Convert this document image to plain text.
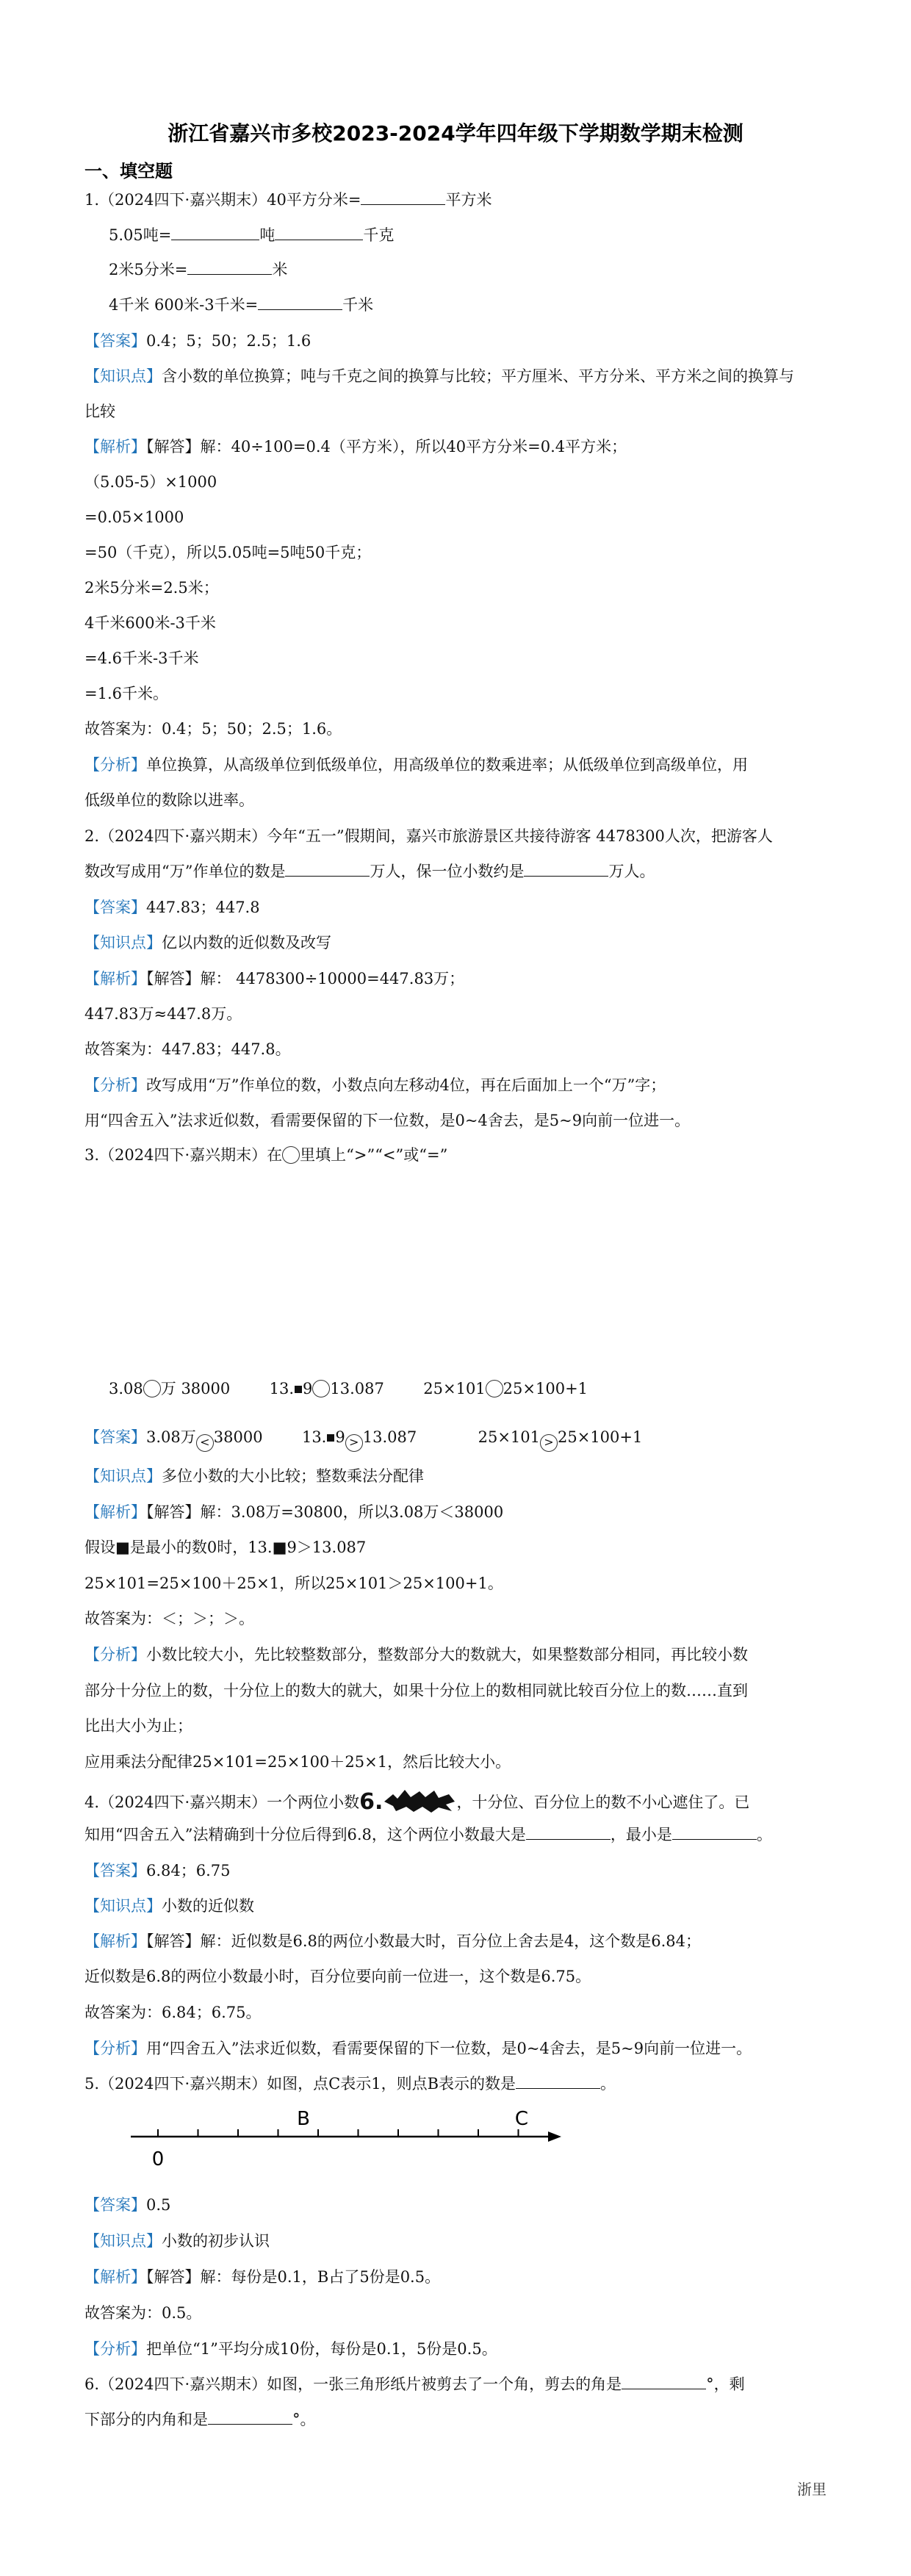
浙江省嘉兴市多校2023-2024学年四年级下学期数学期末检测
一、填空题
1.（2024四下·嘉兴期末）40平方分米=	平方米
5.05吨=	吨	千克
2米5分米=	米
4千米 600米-3千米=	千米
【答案】0.4；5；50；2.5；1.6
【知识点】含小数的单位换算；吨与千克之间的换算与比较；平方厘米、平方分米、平方米之间的换算与
比较
【解析】【解答】解：40÷100=0.4（平方米），所以40平方分米=0.4平方米；
（5.05-5）×1000
=0.05×1000
=50（千克），所以5.05吨=5吨50千克；
2米5分米=2.5米；
4千米600米-3千米
=4.6千米-3千米
=1.6千米。
故答案为：0.4；5；50；2.5；1.6。
【分析】单位换算，从高级单位到低级单位，用高级单位的数乘进率；从低级单位到高级单位，用
低级单位的数除以进率。
2.（2024四下·嘉兴期末）今年“五一”假期间，嘉兴市旅游景区共接待游客 4478300人次，把游客人
数改写成用“万”作单位的数是	万人，保一位小数约是	万人。
【答案】447.83；447.8
【知识点】亿以内数的近似数及改写
【解析】【解答】解： 4478300÷10000=447.83万；
447.83万≈447.8万。
故答案为：447.83；447.8。
【分析】改写成用“万”作单位的数，小数点向左移动4位，再在后面加上一个“万”字；
用“四舍五入”法求近似数，看需要保留的下一位数，是0~4舍去，是5~9向前一位进一。
3.（2024四下·嘉兴期末）在 里填上“>”“<”或“=”
3.08 万 38000	13. 9 13.087	25×101 25×100+1
【答案】3.08万 < 38000	13. 9 > 13.087	25×101 > 25×100+1
【知识点】多位小数的大小比较；整数乘法分配律
【解析】【解答】解：3.08万=30800，所以3.08万＜38000
假设■是最小的数0时，13.■9＞13.087
25×101=25×100＋25×1，所以25×101＞25×100+1。
故答案为：＜；＞；＞。
【分析】小数比较大小，先比较整数部分，整数部分大的数就大，如果整数部分相同，再比较小数
部分十分位上的数，十分位上的数大的就大，如果十分位上的数相同就比较百分位上的数……直到
比出大小为止；
应用乘法分配律25×101=25×100＋25×1，然后比较大小。
4.（2024四下·嘉兴期末）一个两位小数6.	，十分位、百分位上的数不小心遮住了。已
知用“四舍五入”法精确到十分位后得到6.8，这个两位小数最大是	，最小是	。
【答案】6.84；6.75
【知识点】小数的近似数
【解析】【解答】解：近似数是6.8的两位小数最大时，百分位上舍去是4，这个数是6.84；
近似数是6.8的两位小数最小时，百分位要向前一位进一，这个数是6.75。
故答案为：6.84；6.75。
【分析】用“四舍五入”法求近似数，看需要保留的下一位数，是0~4舍去，是5~9向前一位进一。
5.（2024四下·嘉兴期末）如图，点C表示1，则点B表示的数是	。
0
B	C
【答案】0.5
【知识点】小数的初步认识
【解析】【解答】解：每份是0.1，B占了5份是0.5。
故答案为：0.5。
【分析】把单位“1”平均分成10份，每份是0.1，5份是0.5。
6.（2024四下·嘉兴期末）如图，一张三角形纸片被剪去了一个角，剪去的角是	°，剩
下部分的内角和是	°。
浙里
